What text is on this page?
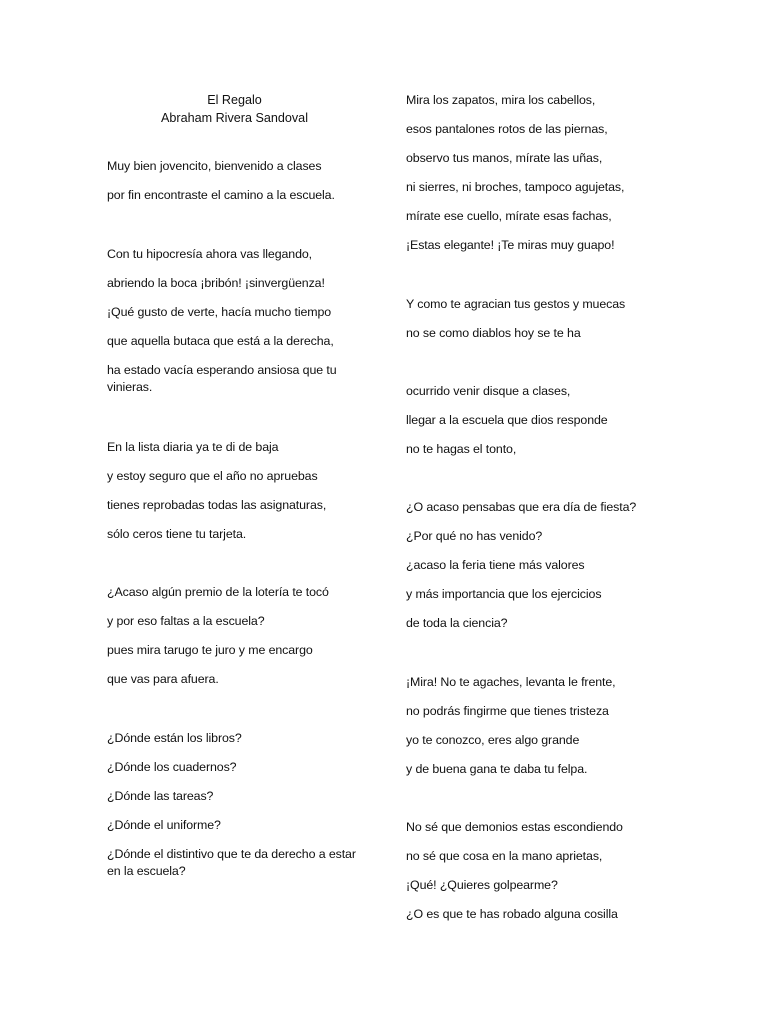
El Regalo
Abraham Rivera Sandoval
Muy bien jovencito, bienvenido a clases
por fin encontraste el camino a la escuela.
Con tu hipocresía ahora vas llegando,
abriendo la boca ¡bribón! ¡sinvergüenza!
¡Qué gusto de verte, hacía mucho tiempo
que aquella butaca que está a la derecha,
ha estado vacía esperando ansiosa que tu vinieras.
En la lista diaria ya te di de baja
y estoy seguro que el año no apruebas
tienes reprobadas todas las asignaturas,
sólo ceros tiene tu tarjeta.
¿Acaso algún premio de la lotería te tocó
y por eso faltas a la escuela?
pues mira tarugo te juro y me encargo
que vas para afuera.
¿Dónde están los libros?
¿Dónde los cuadernos?
¿Dónde las tareas?
¿Dónde el uniforme?
¿Dónde el distintivo que te da derecho a estar en la escuela?
Mira los zapatos, mira los cabellos,
esos pantalones rotos de las piernas,
observo tus manos, mírate las uñas,
ni sierres, ni broches, tampoco agujetas,
mírate ese cuello, mírate esas fachas,
¡Estas elegante! ¡Te miras muy guapo!
Y como te agracian tus gestos y muecas
no se como diablos hoy se te ha
ocurrido venir disque a clases,
llegar a la escuela que dios responde
no te hagas el tonto,
¿O acaso pensabas que era día de fiesta?
¿Por qué no has venido?
¿acaso la feria tiene más valores
y más importancia que los ejercicios
de toda la ciencia?
¡Mira! No te agaches, levanta le frente,
no podrás fingirme que tienes tristeza
yo te conozco, eres algo grande
y de buena gana te daba tu felpa.
No sé que demonios estas escondiendo
no sé que cosa en la mano aprietas,
¡Qué! ¿Quieres golpearme?
¿O es que te has robado alguna cosilla
